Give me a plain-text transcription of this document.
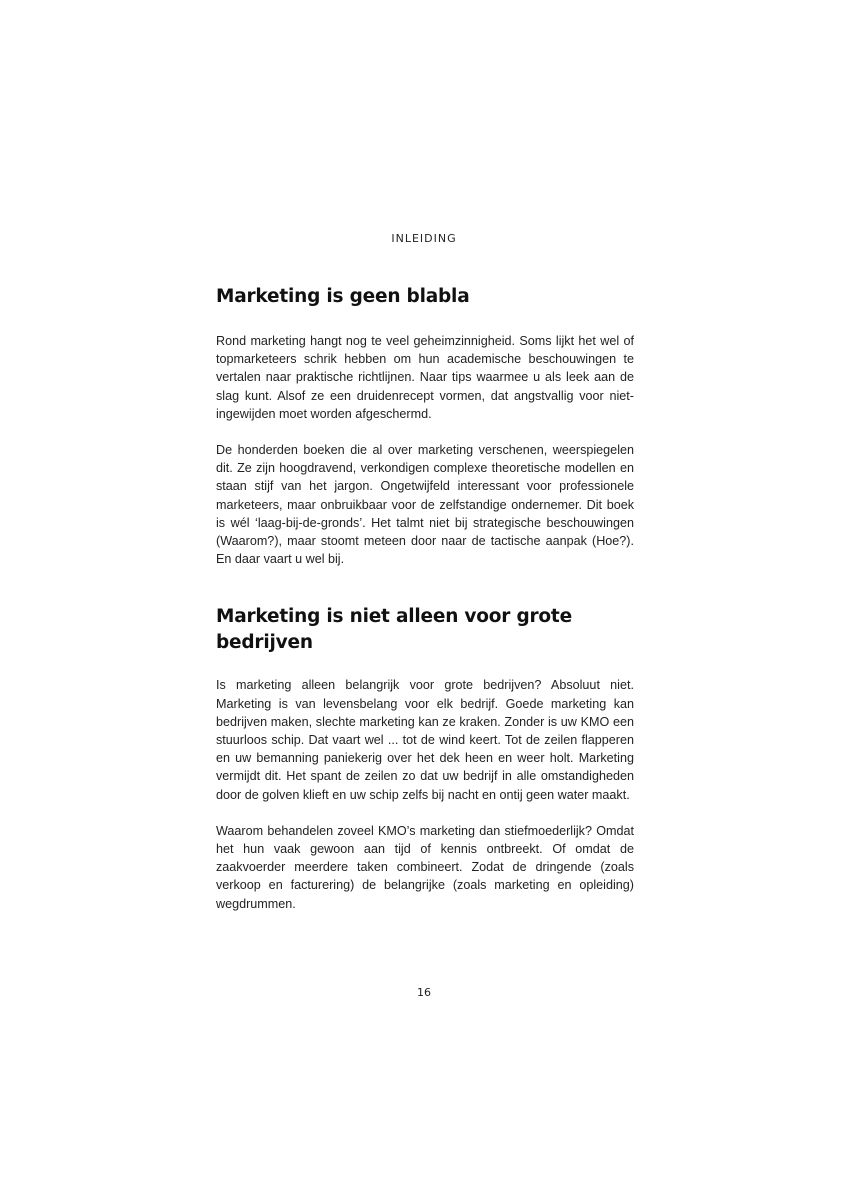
INLEIDING
Marketing is geen blabla

Rond marketing hangt nog te veel geheimzinnigheid. Soms lijkt het wel of topmarketeers schrik hebben om hun academische beschouwingen te vertalen naar praktische richtlijnen. Naar tips waarmee u als leek aan de slag kunt. Alsof ze een druidenrecept vormen, dat angstvallig voor niet-ingewijden moet worden afgeschermd.

De honderden boeken die al over marketing verschenen, weerspiegelen dit. Ze zijn hoogdravend, verkondigen complexe theoretische modellen en staan stijf van het jargon. Ongetwijfeld interessant voor professionele marketeers, maar onbruikbaar voor de zelfstandige ondernemer. Dit boek is wél ‘laag-bij-de-gronds’. Het talmt niet bij strategische beschouwingen (Waarom?), maar stoomt meteen door naar de tactische aanpak (Hoe?). En daar vaart u wel bij.

Marketing is niet alleen voor grote bedrijven

Is marketing alleen belangrijk voor grote bedrijven? Absoluut niet. Marketing is van levensbelang voor elk bedrijf. Goede marketing kan bedrijven maken, slechte marketing kan ze kraken. Zonder is uw KMO een stuurloos schip. Dat vaart wel ... tot de wind keert. Tot de zeilen flapperen en uw bemanning paniekerig over het dek heen en weer holt. Marketing vermijdt dit. Het spant de zeilen zo dat uw bedrijf in alle omstandigheden door de golven klieft en uw schip zelfs bij nacht en ontij geen water maakt.

Waarom behandelen zoveel KMO’s marketing dan stiefmoederlijk? Omdat het hun vaak gewoon aan tijd of kennis ontbreekt. Of omdat de zaakvoerder meerdere taken combineert. Zodat de dringende (zoals verkoop en facturering) de belangrijke (zoals marketing en opleiding) wegdrummen.

16
